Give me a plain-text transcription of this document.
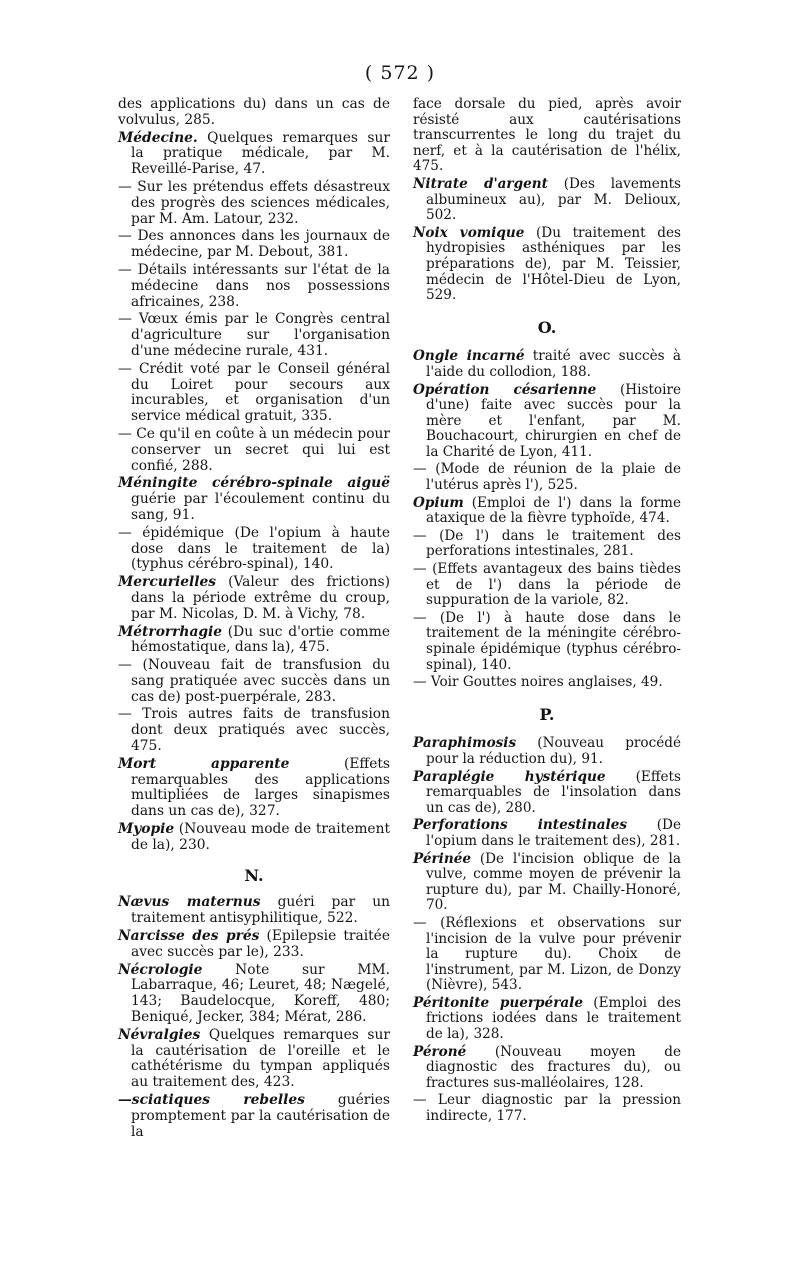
( 572 )

des applications du) dans un cas de volvulus, 285.

Médecine. Quelques remarques sur la pratique médicale, par M. Reveillé-Parise, 47.

— Sur les prétendus effets désastreux des progrès des sciences médicales, par M. Am. Latour, 232.

— Des annonces dans les journaux de médecine, par M. Debout, 381.

— Détails intéressants sur l'état de la médecine dans nos possessions africaines, 238.

— Vœux émis par le Congrès central d'agriculture sur l'organisation d'une médecine rurale, 431.

— Crédit voté par le Conseil général du Loiret pour secours aux incurables, et organisation d'un service médical gratuit, 335.

— Ce qu'il en coûte à un médecin pour conserver un secret qui lui est confié, 288.

Méningite cérébro-spinale aiguë guérie par l'écoulement continu du sang, 91.

— épidémique (De l'opium à haute dose dans le traitement de la) (typhus cérébro-spinal), 140.

Mercurielles (Valeur des frictions) dans la période extrême du croup, par M. Nicolas, D. M. à Vichy, 78.

Métrorrhagie (Du suc d'ortie comme hémostatique, dans la), 475.

— (Nouveau fait de transfusion du sang pratiquée avec succès dans un cas de) post-puerpérale, 283.

— Trois autres faits de transfusion dont deux pratiqués avec succès, 475.

Mort apparente (Effets remarquables des applications multipliées de larges sinapismes dans un cas de), 327.

Myopie (Nouveau mode de traitement de la), 230.

N.

Nævus maternus guéri par un traitement antisyphilitique, 522.

Narcisse des prés (Epilepsie traitée avec succès par le), 233.

Nécrologie Note sur MM. Labarraque, 46; Leuret, 48; Nægelé, 143; Baudelocque, Koreff, 480; Beniqué, Jecker, 384; Mérat, 286.

Névralgies Quelques remarques sur la cautérisation de l'oreille et le cathétérisme du tympan appliqués au traitement des, 423.

—sciatiques rebelles guéries promptement par la cautérisation de la

face dorsale du pied, après avoir résisté aux cautérisations transcurrentes le long du trajet du nerf, et à la cautérisation de l'hélix, 475.

Nitrate d'argent (Des lavements albumineux au), par M. Delioux, 502.

Noix vomique (Du traitement des hydropisies asthéniques par les préparations de), par M. Teissier, médecin de l'Hôtel-Dieu de Lyon, 529.

O.

Ongle incarné traité avec succès à l'aide du collodion, 188.

Opération césarienne (Histoire d'une) faite avec succès pour la mère et l'enfant, par M. Bouchacourt, chirurgien en chef de la Charité de Lyon, 411.

— (Mode de réunion de la plaie de l'utérus après l'), 525.

Opium (Emploi de l') dans la forme ataxique de la fièvre typhoïde, 474.

— (De l') dans le traitement des perforations intestinales, 281.

— (Effets avantageux des bains tièdes et de l') dans la période de suppuration de la variole, 82.

— (De l') à haute dose dans le traitement de la méningite cérébro-spinale épidémique (typhus cérébro-spinal), 140.

— Voir Gouttes noires anglaises, 49.

P.

Paraphimosis (Nouveau procédé pour la réduction du), 91.

Paraplégie hystérique (Effets remarquables de l'insolation dans un cas de), 280.

Perforations intestinales (De l'opium dans le traitement des), 281.

Périnée (De l'incision oblique de la vulve, comme moyen de prévenir la rupture du), par M. Chailly-Honoré, 70.

— (Réflexions et observations sur l'incision de la vulve pour prévenir la rupture du). Choix de l'instrument, par M. Lizon, de Donzy (Nièvre), 543.

Péritonite puerpérale (Emploi des frictions iodées dans le traitement de la), 328.

Péroné (Nouveau moyen de diagnostic des fractures du), ou fractures sus-malléolaires, 128.

— Leur diagnostic par la pression indirecte, 177.
